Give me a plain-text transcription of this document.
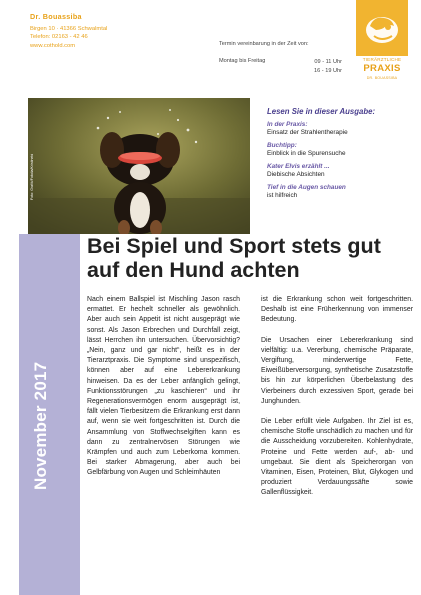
Dr. Bouassiba
Birgen 10 · 41366 Schwalmtal
Telefon: 02163 - 42 46
www.cothold.com	Termin vereinbarung in der Zeit von:
Montag bis Freitag	09 - 11 Uhr
16 - 19 Uhr
TIERÄRZTLICHE
PRAXIS
DR. BOUASSIBA
Foto: Grafik/Fotolia/Kristinebi
Lesen Sie in dieser Ausgabe:
In der Praxis:
Einsatz der Strahlentherapie
Buchtipp:
Einblick in die Spurensuche
Kater Elvis erzählt ...
Diebische Absichten
Tief in die Augen schauen
ist hilfreich
November 2017
Bei Spiel und Sport stets gut auf den Hund achten

Nach einem Ballspiel ist Mischling Jason rasch ermattet. Er hechelt schneller als gewöhnlich. Aber auch sein Appetit ist nicht ausgeprägt wie sonst. Als Jason Erbrechen und Durchfall zeigt, lässt Herrchen ihn untersuchen. Übervorsichtig? „Nein, ganz und gar nicht“, heißt es in der Tierarztpraxis. Die Symptome sind unspezifisch, können aber auf eine Lebererkrankung hinweisen. Da es der Leber anfänglich gelingt, Funktionsstörungen „zu kaschieren“ und ihr Regenerationsvermögen enorm ausgeprägt ist, fällt vielen Tierbesitzern die Erkrankung erst dann auf, wenn sie weit fortgeschritten ist. Durch die Ansammlung von Stoffwechselgiften kann es dann zu zentralnervösen Störungen wie Krämpfen und auch zum Leberkoma kommen. Bei starker Abmagerung, aber auch bei Gelbfärbung von Augen und Schleimhäuten

ist die Erkrankung schon weit fortgeschritten. Deshalb ist eine Früherkennung von immenser Bedeutung.

Die Ursachen einer Lebererkrankung sind vielfältig: u.a. Vererbung, chemische Präparate, Vergiftung, minderwertige Fette, Eiweißüberversorgung, synthetische Zusatzstoffe bis hin zur körperlichen Überbelastung des Vierbeiners durch exzessiven Sport, gerade bei Junghunden.

Die Leber erfüllt viele Aufgaben. Ihr Ziel ist es, chemische Stoffe unschädlich zu machen und für die Ausscheidung vorzubereiten. Kohlenhydrate, Proteine und Fette werden auf-, ab- und umgebaut. Sie dient als Speicherorgan von Vitaminen, Eisen, Proteinen, Blut, Glykogen und produziert Verdauungssäfte sowie Gallenflüssigkeit.
